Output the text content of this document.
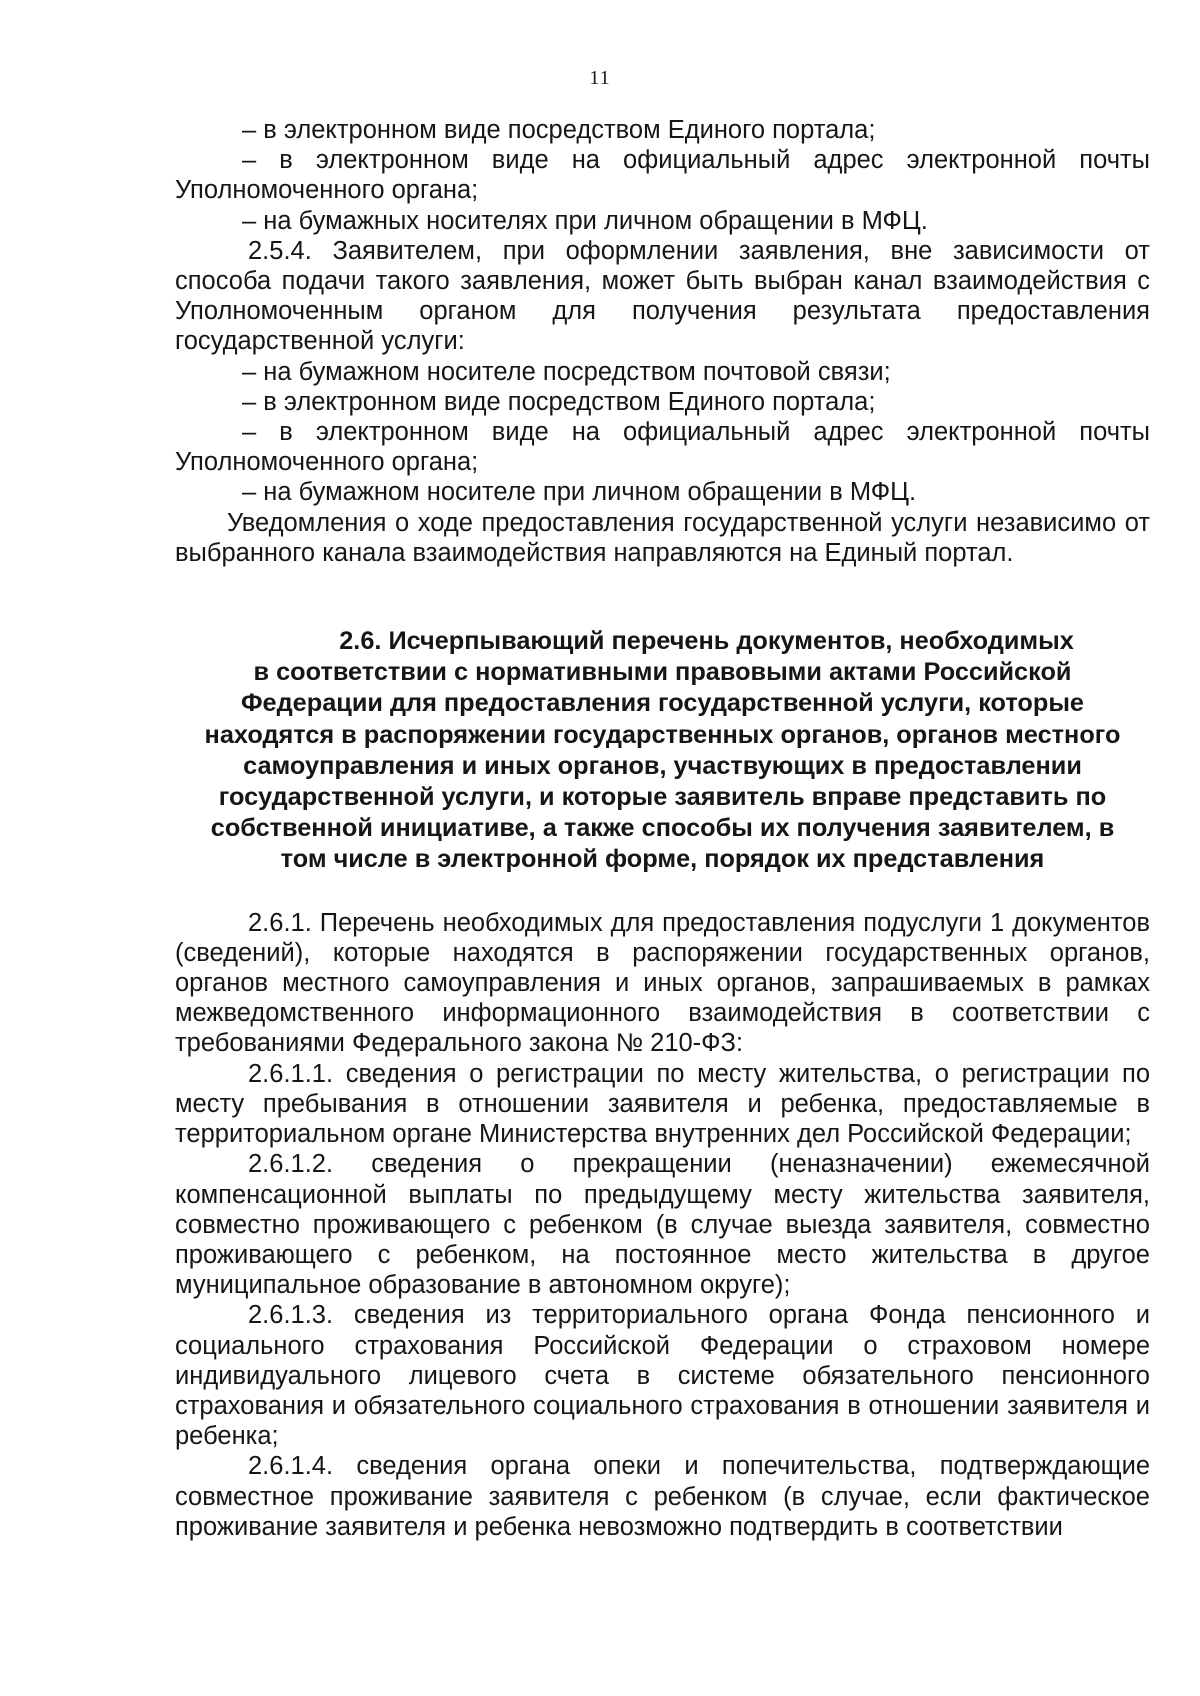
11

– в электронном виде посредством Единого портала;

– в электронном виде на официальный адрес электронной почты Уполномоченного органа;

– на бумажных носителях при личном обращении в МФЦ.

2.5.4. Заявителем, при оформлении заявления, вне зависимости от способа подачи такого заявления, может быть выбран канал взаимодействия с Уполномоченным органом для получения результата предоставления государственной услуги:

– на бумажном носителе посредством почтовой связи;

– в электронном виде посредством Единого портала;

– в электронном виде на официальный адрес электронной почты Уполномоченного органа;

– на бумажном носителе при личном обращении в МФЦ.

Уведомления о ходе предоставления государственной услуги независимо от выбранного канала взаимодействия направляются на Единый портал.

2.6. Исчерпывающий перечень документов, необходимых
в соответствии с нормативными правовыми актами Российской
Федерации для предоставления государственной услуги, которые
находятся в распоряжении государственных органов, органов местного
самоуправления и иных органов, участвующих в предоставлении
государственной услуги, и которые заявитель вправе представить по
собственной инициативе, а также способы их получения заявителем, в
том числе в электронной форме, порядок их представления

2.6.1. Перечень необходимых для предоставления подуслуги 1 документов (сведений), которые находятся в распоряжении государственных органов, органов местного самоуправления и иных органов, запрашиваемых в рамках межведомственного информационного взаимодействия в соответствии с требованиями Федерального закона № 210-ФЗ:

2.6.1.1. сведения о регистрации по месту жительства, о регистрации по месту пребывания в отношении заявителя и ребенка, предоставляемые в территориальном органе Министерства внутренних дел Российской Федерации;

2.6.1.2. сведения о прекращении (неназначении) ежемесячной компенсационной выплаты по предыдущему месту жительства заявителя, совместно проживающего с ребенком (в случае выезда заявителя, совместно проживающего с ребенком, на постоянное место жительства в другое муниципальное образование в автономном округе);

2.6.1.3. сведения из территориального органа Фонда пенсионного и социального страхования Российской Федерации о страховом номере индивидуального лицевого счета в системе обязательного пенсионного страхования и обязательного социального страхования в отношении заявителя и ребенка;

2.6.1.4. сведения органа опеки и попечительства, подтверждающие совместное проживание заявителя с ребенком (в случае, если фактическое проживание заявителя и ребенка невозможно подтвердить в соответствии
